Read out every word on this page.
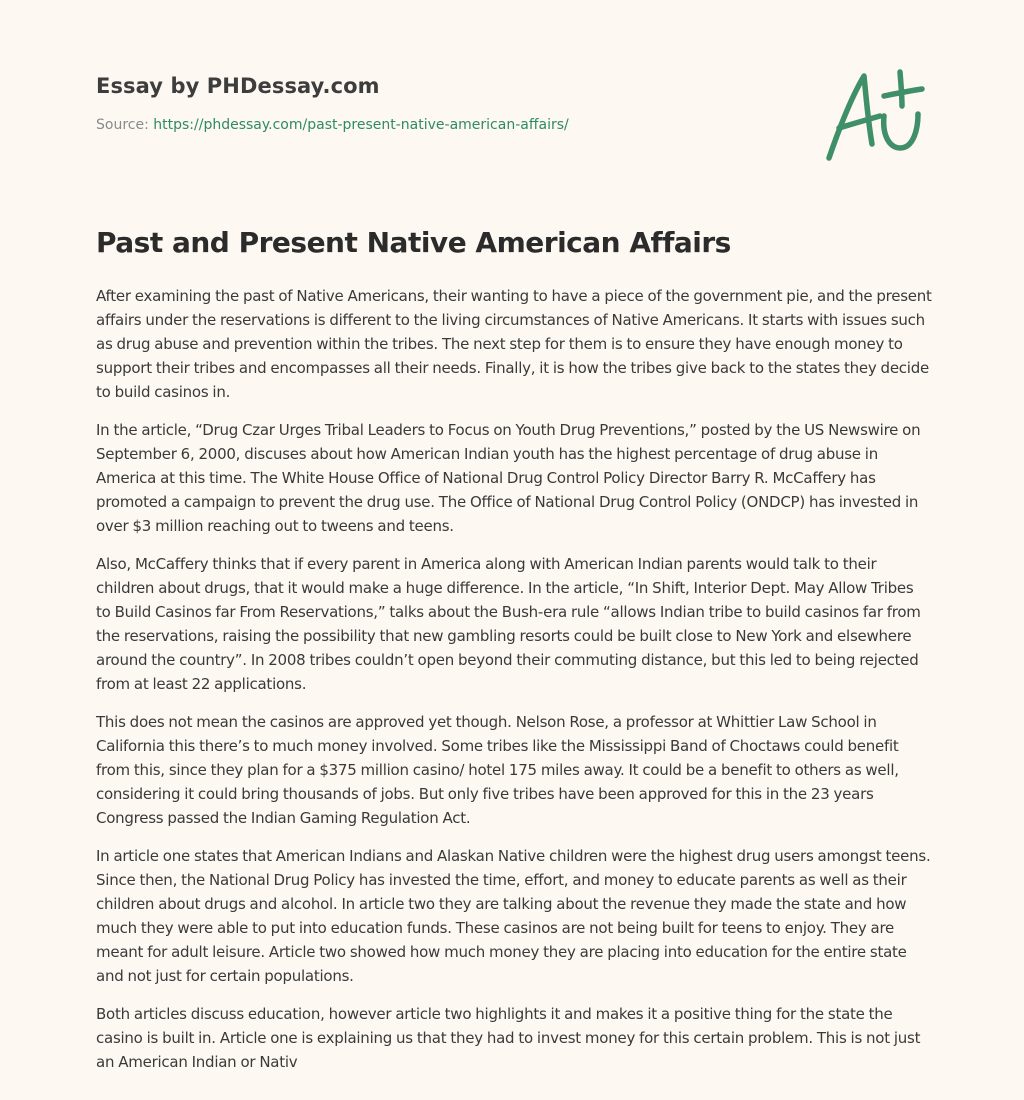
Essay by PHDessay.com
Source: https://phdessay.com/past-present-native-american-affairs/
Past and Present Native American Affairs

After examining the past of Native Americans, their wanting to have a piece of the government pie, and the present affairs under the reservations is different to the living circumstances of Native Americans. It starts with issues such as drug abuse and prevention within the tribes. The next step for them is to ensure they have enough money to support their tribes and encompasses all their needs. Finally, it is how the tribes give back to the states they decide to build casinos in.

In the article, “Drug Czar Urges Tribal Leaders to Focus on Youth Drug Preventions,” posted by the US Newswire on September 6, 2000, discuses about how American Indian youth has the highest percentage of drug abuse in America at this time. The White House Office of National Drug Control Policy Director Barry R. McCaffery has promoted a campaign to prevent the drug use. The Office of National Drug Control Policy (ONDCP) has invested in over $3 million reaching out to tweens and teens.

Also, McCaffery thinks that if every parent in America along with American Indian parents would talk to their children about drugs, that it would make a huge difference. In the article, “In Shift, Interior Dept. May Allow Tribes to Build Casinos far From Reservations,” talks about the Bush-era rule “allows Indian tribe to build casinos far from the reservations, raising the possibility that new gambling resorts could be built close to New York and elsewhere around the country”. In 2008 tribes couldn’t open beyond their commuting distance, but this led to being rejected from at least 22 applications.

This does not mean the casinos are approved yet though. Nelson Rose, a professor at Whittier Law School in California this there’s to much money involved. Some tribes like the Mississippi Band of Choctaws could benefit from this, since they plan for a $375 million casino/ hotel 175 miles away. It could be a benefit to others as well, considering it could bring thousands of jobs. But only five tribes have been approved for this in the 23 years Congress passed the Indian Gaming Regulation Act.

In article one states that American Indians and Alaskan Native children were the highest drug users amongst teens. Since then, the National Drug Policy has invested the time, effort, and money to educate parents as well as their children about drugs and alcohol. In article two they are talking about the revenue they made the state and how much they were able to put into education funds. These casinos are not being built for teens to enjoy. They are meant for adult leisure. Article two showed how much money they are placing into education for the entire state and not just for certain populations.

Both articles discuss education, however article two highlights it and makes it a positive thing for the state the casino is built in. Article one is explaining us that they had to invest money for this certain problem. This is not just an American Indian or Nativ
